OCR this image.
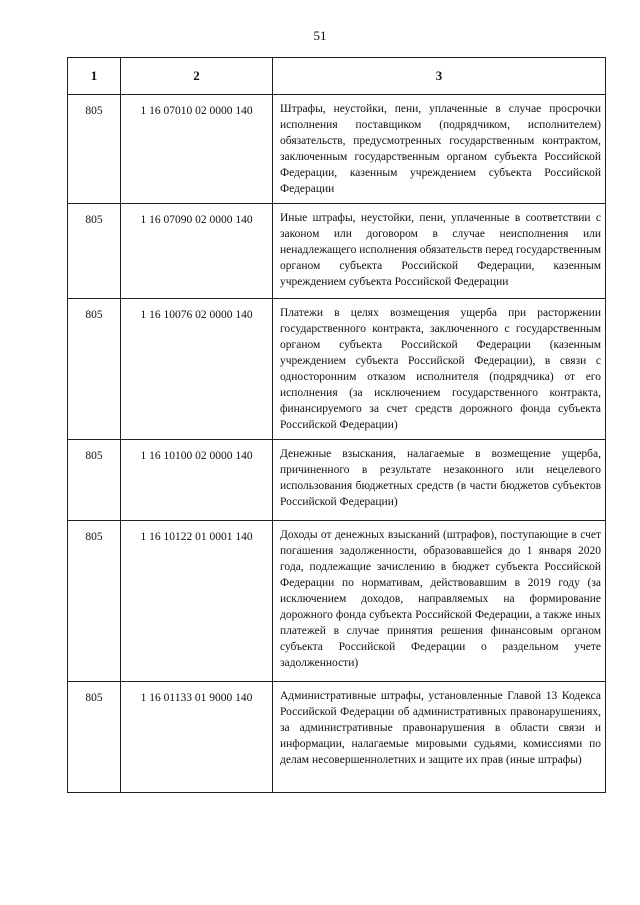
51
1	2	3
805	1 16 07010 02 0000 140	Штрафы, неустойки, пени, уплаченные в случае просрочки исполнения поставщиком (подрядчиком, исполнителем) обязательств, предусмотренных государственным контрактом, заключенным государственным органом субъекта Российской Федерации, казенным учреждением субъекта Российской Федерации
805	1 16 07090 02 0000 140	Иные штрафы, неустойки, пени, уплаченные в соответствии с законом или договором в случае неисполнения или ненадлежащего исполнения обязательств перед государственным органом субъекта Российской Федерации, казенным учреждением субъекта Российской Федерации
805	1 16 10076 02 0000 140	Платежи в целях возмещения ущерба при расторжении государственного контракта, заключенного с государственным органом субъекта Российской Федерации (казенным учреждением субъекта Российской Федерации), в связи с односторонним отказом исполнителя (подрядчика) от его исполнения (за исключением государственного контракта, финансируемого за счет средств дорожного фонда субъекта Российской Федерации)
805	1 16 10100 02 0000 140	Денежные взыскания, налагаемые в возмещение ущерба, причиненного в результате незаконного или нецелевого использования бюджетных средств (в части бюджетов субъектов Российской Федерации)
805	1 16 10122 01 0001 140	Доходы от денежных взысканий (штрафов), поступающие в счет погашения задолженности, образовавшейся до 1 января 2020 года, подлежащие зачислению в бюджет субъекта Российской Федерации по нормативам, действовавшим в 2019 году (за исключением доходов, направляемых на формирование дорожного фонда субъекта Российской Федерации, а также иных платежей в случае принятия решения финансовым органом субъекта Российской Федерации о раздельном учете задолженности)
805	1 16 01133 01 9000 140	Административные штрафы, установленные Главой 13 Кодекса Российской Федерации об административных правонарушениях, за административные правонарушения в области связи и информации, налагаемые мировыми судьями, комиссиями по делам несовершеннолетних и защите их прав (иные штрафы)
